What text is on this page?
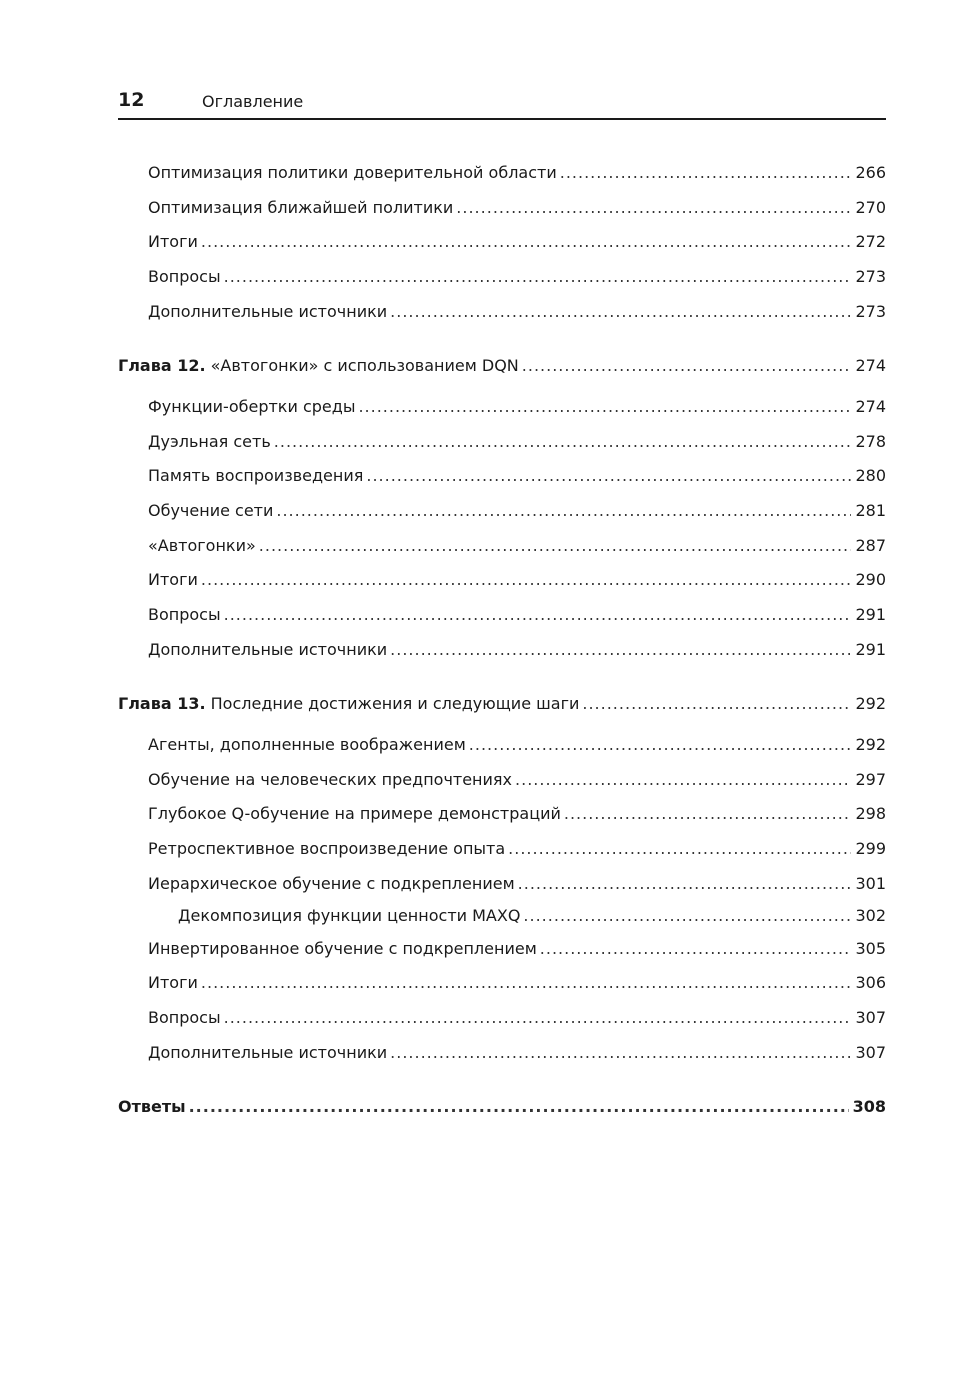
12	Оглавление
Оптимизация политики доверительной области .....	266
Оптимизация ближайшей политики .....	270
Итоги .....	272
Вопросы .....	273
Дополнительные источники .....	273
Глава 12. «Автогонки» с использованием DQN .....	274
Функции-обертки среды .....	274
Дуэльная сеть .....	278
Память воспроизведения .....	280
Обучение сети .....	281
«Автогонки» .....	287
Итоги .....	290
Вопросы .....	291
Дополнительные источники .....	291
Глава 13. Последние достижения и следующие шаги .....	292
Агенты, дополненные воображением .....	292
Обучение на человеческих предпочтениях .....	297
Глубокое Q-обучение на примере демонстраций .....	298
Ретроспективное воспроизведение опыта .....	299
Иерархическое обучение с подкреплением .....	301
Декомпозиция функции ценности MAXQ .....	302
Инвертированное обучение с подкреплением .....	305
Итоги .....	306
Вопросы .....	307
Дополнительные источники .....	307
Ответы .....	308
